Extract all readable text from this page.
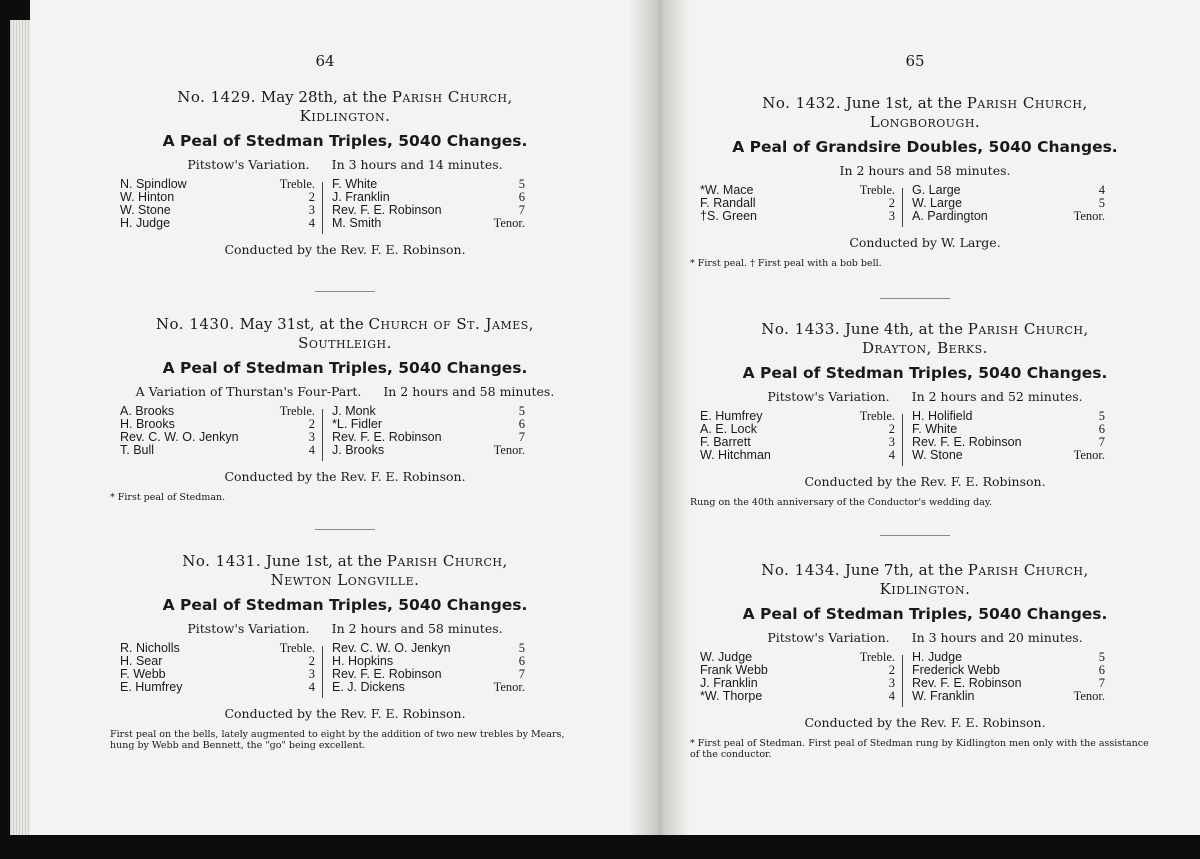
64
No. 1429. May 28th, at the Parish Church,
Kidlington.
A Peal of Stedman Triples, 5040 Changes.
Pitstow's Variation. In 3 hours and 14 minutes.
N. Spindlow
W. Hinton
W. Stone
H. Judge
Treble.
2
3
4
F. White
J. Franklin
Rev. F. E. Robinson
M. Smith
5
6
7
Tenor.
Conducted by the Rev. F. E. Robinson.
No. 1430. May 31st, at the Church of St. James,
Southleigh.
A Peal of Stedman Triples, 5040 Changes.
A Variation of Thurstan's Four-Part. In 2 hours and 58 minutes.
A. Brooks
H. Brooks
Rev. C. W. O. Jenkyn
T. Bull
Treble.
2
3
4
J. Monk
*L. Fidler
Rev. F. E. Robinson
J. Brooks
5
6
7
Tenor.
Conducted by the Rev. F. E. Robinson.
* First peal of Stedman.
No. 1431. June 1st, at the Parish Church,
Newton Longville.
A Peal of Stedman Triples, 5040 Changes.
Pitstow's Variation. In 2 hours and 58 minutes.
R. Nicholls
H. Sear
F. Webb
E. Humfrey
Treble.
2
3
4
Rev. C. W. O. Jenkyn
H. Hopkins
Rev. F. E. Robinson
E. J. Dickens
5
6
7
Tenor.
Conducted by the Rev. F. E. Robinson.
First peal on the bells, lately augmented to eight by the addition of two new trebles by Mears, hung by Webb and Bennett, the "go" being excellent.
65
No. 1432. June 1st, at the Parish Church,
Longborough.
A Peal of Grandsire Doubles, 5040 Changes.
In 2 hours and 58 minutes.
*W. Mace
F. Randall
†S. Green
Treble.
2
3
G. Large
W. Large
A. Pardington
4
5
Tenor.
Conducted by W. Large.
* First peal. † First peal with a bob bell.
No. 1433. June 4th, at the Parish Church,
Drayton, Berks.
A Peal of Stedman Triples, 5040 Changes.
Pitstow's Variation. In 2 hours and 52 minutes.
E. Humfrey
A. E. Lock
F. Barrett
W. Hitchman
Treble.
2
3
4
H. Holifield
F. White
Rev. F. E. Robinson
W. Stone
5
6
7
Tenor.
Conducted by the Rev. F. E. Robinson.
Rung on the 40th anniversary of the Conductor's wedding day.
No. 1434. June 7th, at the Parish Church,
Kidlington.
A Peal of Stedman Triples, 5040 Changes.
Pitstow's Variation. In 3 hours and 20 minutes.
W. Judge
Frank Webb
J. Franklin
*W. Thorpe
Treble.
2
3
4
H. Judge
Frederick Webb
Rev. F. E. Robinson
W. Franklin
5
6
7
Tenor.
Conducted by the Rev. F. E. Robinson.
* First peal of Stedman. First peal of Stedman rung by Kidlington men only with the assistance of the conductor.
